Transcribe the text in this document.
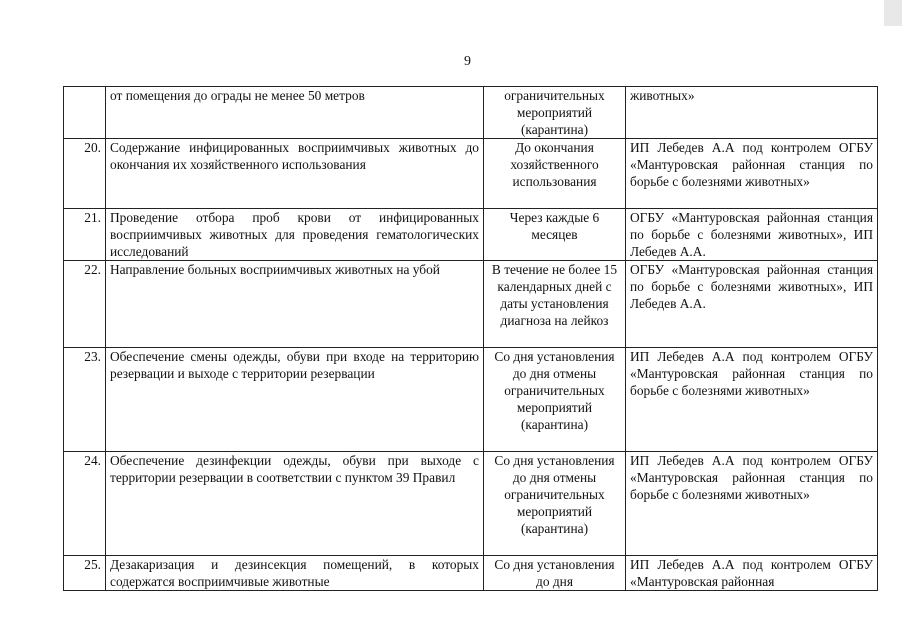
9
	от помещения до ограды не менее 50 метров	ограничительных мероприятий (карантина)	животных»
20.	Содержание инфицированных восприимчивых животных до окончания их хозяйственного использования	До окончания хозяйственного использования	ИП Лебедев А.А под контролем ОГБУ «Мантуровская районная станция по борьбе с болезнями животных»
21.	Проведение отбора проб крови от инфицированных восприимчивых животных для проведения гематологических исследований	Через каждые 6 месяцев	ОГБУ «Мантуровская районная станция по борьбе с болезнями животных», ИП Лебедев А.А.
22.	Направление больных восприимчивых животных на убой	В течение не более 15 календарных дней с даты установления диагноза на лейкоз	ОГБУ «Мантуровская районная станция по борьбе с болезнями животных», ИП Лебедев А.А.
23.	Обеспечение смены одежды, обуви при входе на территорию резервации и выходе с территории резервации	Со дня установления до дня отмены ограничительных мероприятий (карантина)	ИП Лебедев А.А под контролем ОГБУ «Мантуровская районная станция по борьбе с болезнями животных»
24.	Обеспечение дезинфекции одежды, обуви при выходе с территории резервации в соответствии с пунктом 39 Правил	Со дня установления до дня отмены ограничительных мероприятий (карантина)	ИП Лебедев А.А под контролем ОГБУ «Мантуровская районная станция по борьбе с болезнями животных»
25.	Дезакаризация и дезинсекция помещений, в которых содержатся восприимчивые животные	Со дня установления до дня	ИП Лебедев А.А под контролем ОГБУ «Мантуровская районная
